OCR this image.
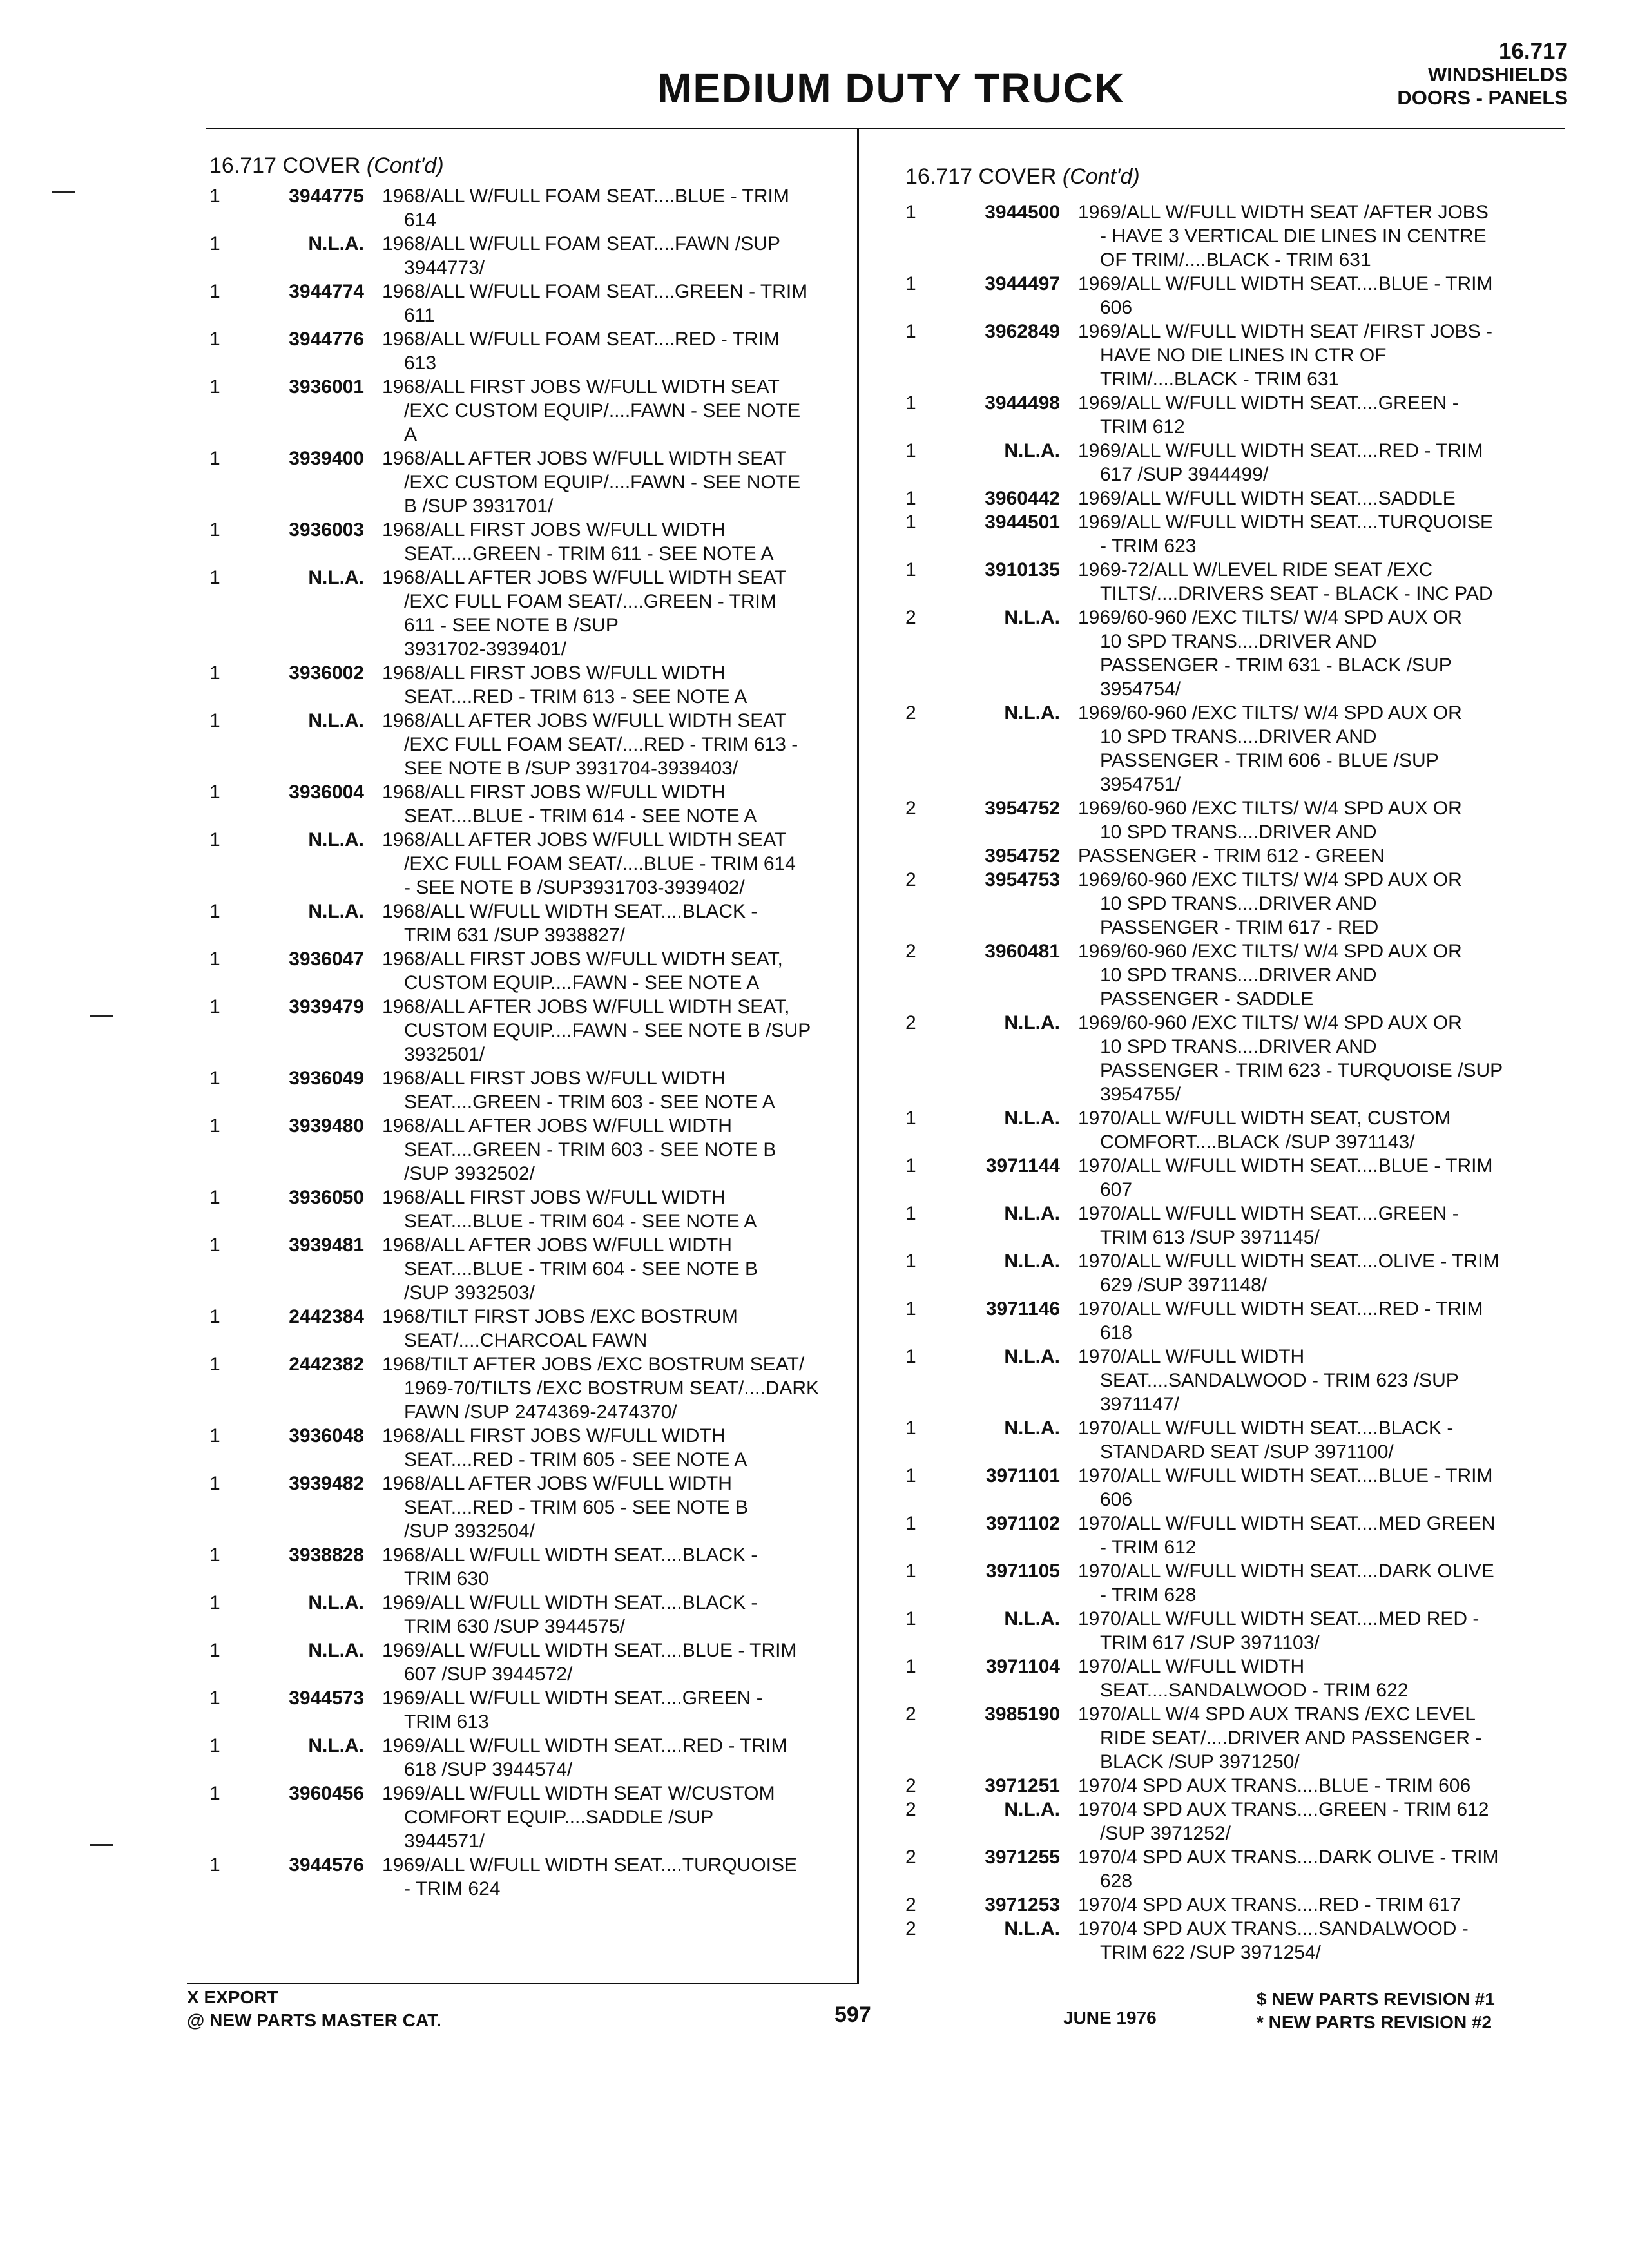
MEDIUM DUTY TRUCK
16.717
WINDSHIELDS
DOORS - PANELS
16.717 COVER (Cont'd)
1	3944775 1968/ALL W/FULL FOAM SEAT....BLUE - TRIM
614
1	N.L.A. 1968/ALL W/FULL FOAM SEAT....FAWN /SUP
3944773/
1	3944774 1968/ALL W/FULL FOAM SEAT....GREEN - TRIM
611
1	3944776 1968/ALL W/FULL FOAM SEAT....RED - TRIM
613
1	3936001 1968/ALL FIRST JOBS W/FULL WIDTH SEAT
/EXC CUSTOM EQUIP/....FAWN - SEE NOTE
A
1	3939400 1968/ALL AFTER JOBS W/FULL WIDTH SEAT
/EXC CUSTOM EQUIP/....FAWN - SEE NOTE
B /SUP 3931701/
1	3936003 1968/ALL FIRST JOBS W/FULL WIDTH
SEAT....GREEN - TRIM 611 - SEE NOTE A
1	N.L.A. 1968/ALL AFTER JOBS W/FULL WIDTH SEAT
/EXC FULL FOAM SEAT/....GREEN - TRIM
611 - SEE NOTE B /SUP
3931702-3939401/
1	3936002 1968/ALL FIRST JOBS W/FULL WIDTH
SEAT....RED - TRIM 613 - SEE NOTE A
1	N.L.A. 1968/ALL AFTER JOBS W/FULL WIDTH SEAT
/EXC FULL FOAM SEAT/....RED - TRIM 613 -
SEE NOTE B /SUP 3931704-3939403/
1	3936004 1968/ALL FIRST JOBS W/FULL WIDTH
SEAT....BLUE - TRIM 614 - SEE NOTE A
1	N.L.A. 1968/ALL AFTER JOBS W/FULL WIDTH SEAT
/EXC FULL FOAM SEAT/....BLUE - TRIM 614
- SEE NOTE B /SUP3931703-3939402/
1	N.L.A. 1968/ALL W/FULL WIDTH SEAT....BLACK -
TRIM 631 /SUP 3938827/
1	3936047 1968/ALL FIRST JOBS W/FULL WIDTH SEAT,
CUSTOM EQUIP....FAWN - SEE NOTE A
1	3939479 1968/ALL AFTER JOBS W/FULL WIDTH SEAT,
CUSTOM EQUIP....FAWN - SEE NOTE B /SUP
3932501/
1	3936049 1968/ALL FIRST JOBS W/FULL WIDTH
SEAT....GREEN - TRIM 603 - SEE NOTE A
1	3939480 1968/ALL AFTER JOBS W/FULL WIDTH
SEAT....GREEN - TRIM 603 - SEE NOTE B
/SUP 3932502/
1	3936050 1968/ALL FIRST JOBS W/FULL WIDTH
SEAT....BLUE - TRIM 604 - SEE NOTE A
1	3939481 1968/ALL AFTER JOBS W/FULL WIDTH
SEAT....BLUE - TRIM 604 - SEE NOTE B
/SUP 3932503/
1	2442384 1968/TILT FIRST JOBS /EXC BOSTRUM
SEAT/....CHARCOAL FAWN
1	2442382 1968/TILT AFTER JOBS /EXC BOSTRUM SEAT/
1969-70/TILTS /EXC BOSTRUM SEAT/....DARK
FAWN /SUP 2474369-2474370/
1	3936048 1968/ALL FIRST JOBS W/FULL WIDTH
SEAT....RED - TRIM 605 - SEE NOTE A
1	3939482 1968/ALL AFTER JOBS W/FULL WIDTH
SEAT....RED - TRIM 605 - SEE NOTE B
/SUP 3932504/
1	3938828 1968/ALL W/FULL WIDTH SEAT....BLACK -
TRIM 630
1	N.L.A. 1969/ALL W/FULL WIDTH SEAT....BLACK -
TRIM 630 /SUP 3944575/
1	N.L.A. 1969/ALL W/FULL WIDTH SEAT....BLUE - TRIM
607 /SUP 3944572/
1	3944573 1969/ALL W/FULL WIDTH SEAT....GREEN -
TRIM 613
1	N.L.A. 1969/ALL W/FULL WIDTH SEAT....RED - TRIM
618 /SUP 3944574/
1	3960456 1969/ALL W/FULL WIDTH SEAT W/CUSTOM
COMFORT EQUIP....SADDLE /SUP
3944571/
1	3944576 1969/ALL W/FULL WIDTH SEAT....TURQUOISE
- TRIM 624
16.717 COVER (Cont'd)
1	3944500 1969/ALL W/FULL WIDTH SEAT /AFTER JOBS
- HAVE 3 VERTICAL DIE LINES IN CENTRE
OF TRIM/....BLACK - TRIM 631
1	3944497 1969/ALL W/FULL WIDTH SEAT....BLUE - TRIM
606
1	3962849 1969/ALL W/FULL WIDTH SEAT /FIRST JOBS -
HAVE NO DIE LINES IN CTR OF
TRIM/....BLACK - TRIM 631
1	3944498 1969/ALL W/FULL WIDTH SEAT....GREEN -
TRIM 612
1	N.L.A. 1969/ALL W/FULL WIDTH SEAT....RED - TRIM
617 /SUP 3944499/
1	3960442 1969/ALL W/FULL WIDTH SEAT....SADDLE
1	3944501 1969/ALL W/FULL WIDTH SEAT....TURQUOISE
- TRIM 623
1	3910135 1969-72/ALL W/LEVEL RIDE SEAT /EXC
TILTS/....DRIVERS SEAT - BLACK - INC PAD
2	N.L.A. 1969/60-960 /EXC TILTS/ W/4 SPD AUX OR
10 SPD TRANS....DRIVER AND
PASSENGER - TRIM 631 - BLACK /SUP
3954754/
2	N.L.A. 1969/60-960 /EXC TILTS/ W/4 SPD AUX OR
10 SPD TRANS....DRIVER AND
PASSENGER - TRIM 606 - BLUE /SUP
3954751/
2	3954752 1969/60-960 /EXC TILTS/ W/4 SPD AUX OR
10 SPD TRANS....DRIVER AND
3954752 PASSENGER - TRIM 612 - GREEN
2	3954753 1969/60-960 /EXC TILTS/ W/4 SPD AUX OR
10 SPD TRANS....DRIVER AND
PASSENGER - TRIM 617 - RED
2	3960481 1969/60-960 /EXC TILTS/ W/4 SPD AUX OR
10 SPD TRANS....DRIVER AND
PASSENGER - SADDLE
2	N.L.A. 1969/60-960 /EXC TILTS/ W/4 SPD AUX OR
10 SPD TRANS....DRIVER AND
PASSENGER - TRIM 623 - TURQUOISE /SUP
3954755/
1	N.L.A. 1970/ALL W/FULL WIDTH SEAT, CUSTOM
COMFORT....BLACK /SUP 3971143/
1	3971144 1970/ALL W/FULL WIDTH SEAT....BLUE - TRIM
607
1	N.L.A. 1970/ALL W/FULL WIDTH SEAT....GREEN -
TRIM 613 /SUP 3971145/
1	N.L.A. 1970/ALL W/FULL WIDTH SEAT....OLIVE - TRIM
629 /SUP 3971148/
1	3971146 1970/ALL W/FULL WIDTH SEAT....RED - TRIM
618
1	N.L.A. 1970/ALL W/FULL WIDTH
SEAT....SANDALWOOD - TRIM 623 /SUP
3971147/
1	N.L.A. 1970/ALL W/FULL WIDTH SEAT....BLACK -
STANDARD SEAT /SUP 3971100/
1	3971101 1970/ALL W/FULL WIDTH SEAT....BLUE - TRIM
606
1	3971102 1970/ALL W/FULL WIDTH SEAT....MED GREEN
- TRIM 612
1	3971105 1970/ALL W/FULL WIDTH SEAT....DARK OLIVE
- TRIM 628
1	N.L.A. 1970/ALL W/FULL WIDTH SEAT....MED RED -
TRIM 617 /SUP 3971103/
1	3971104 1970/ALL W/FULL WIDTH
SEAT....SANDALWOOD - TRIM 622
2	3985190 1970/ALL W/4 SPD AUX TRANS /EXC LEVEL
RIDE SEAT/....DRIVER AND PASSENGER -
BLACK /SUP 3971250/
2	3971251 1970/4 SPD AUX TRANS....BLUE - TRIM 606
2	N.L.A. 1970/4 SPD AUX TRANS....GREEN - TRIM 612
/SUP 3971252/
2	3971255 1970/4 SPD AUX TRANS....DARK OLIVE - TRIM
628
2	3971253 1970/4 SPD AUX TRANS....RED - TRIM 617
2	N.L.A. 1970/4 SPD AUX TRANS....SANDALWOOD -
TRIM 622 /SUP 3971254/
X EXPORT
@ NEW PARTS MASTER CAT.	597	JUNE 1976
$ NEW PARTS REVISION #1
* NEW PARTS REVISION #2
